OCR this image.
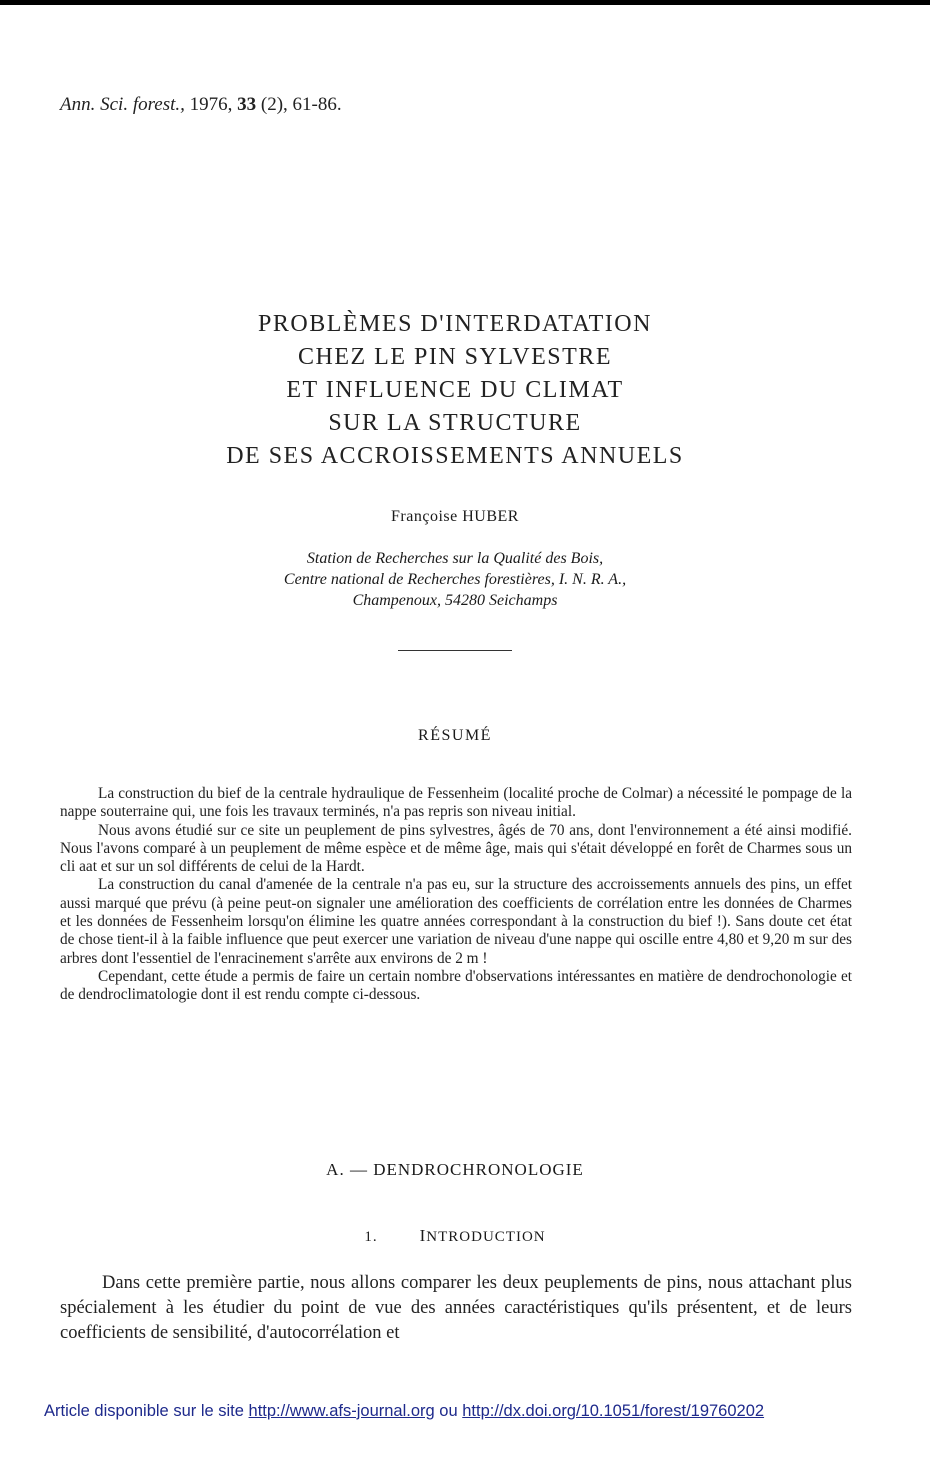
Ann. Sci. forest., 1976, 33 (2), 61-86.
PROBLÈMES D'INTERDATATION
CHEZ LE PIN SYLVESTRE
ET INFLUENCE DU CLIMAT
SUR LA STRUCTURE
DE SES ACCROISSEMENTS ANNUELS
Françoise HUBER
Station de Recherches sur la Qualité des Bois,
Centre national de Recherches forestières, I. N. R. A.,
Champenoux, 54280 Seichamps
RÉSUMÉ

La construction du bief de la centrale hydraulique de Fessenheim (localité proche de Colmar) a nécessité le pompage de la nappe souterraine qui, une fois les travaux terminés, n'a pas repris son niveau initial.

Nous avons étudié sur ce site un peuplement de pins sylvestres, âgés de 70 ans, dont l'environnement a été ainsi modifié. Nous l'avons comparé à un peuplement de même espèce et de même âge, mais qui s'était développé en forêt de Charmes sous un cli aat et sur un sol différents de celui de la Hardt.

La construction du canal d'amenée de la centrale n'a pas eu, sur la structure des accroissements annuels des pins, un effet aussi marqué que prévu (à peine peut-on signaler une amélioration des coefficients de corrélation entre les données de Charmes et les données de Fessenheim lorsqu'on élimine les quatre années correspondant à la construction du bief !). Sans doute cet état de chose tient-il à la faible influence que peut exercer une variation de niveau d'une nappe qui oscille entre 4,80 et 9,20 m sur des arbres dont l'essentiel de l'enracinement s'arrête aux environs de 2 m !

Cependant, cette étude a permis de faire un certain nombre d'observations intéressantes en matière de dendrochonologie et de dendroclimatologie dont il est rendu compte ci-dessous.

A. — DENDROCHRONOLOGIE
1. INTRODUCTION

Dans cette première partie, nous allons comparer les deux peuplements de pins, nous attachant plus spécialement à les étudier du point de vue des années caractéristiques qu'ils présentent, et de leurs coefficients de sensibilité, d'autocorrélation et

Article disponible sur le site http://www.afs-journal.org ou http://dx.doi.org/10.1051/forest/19760202
